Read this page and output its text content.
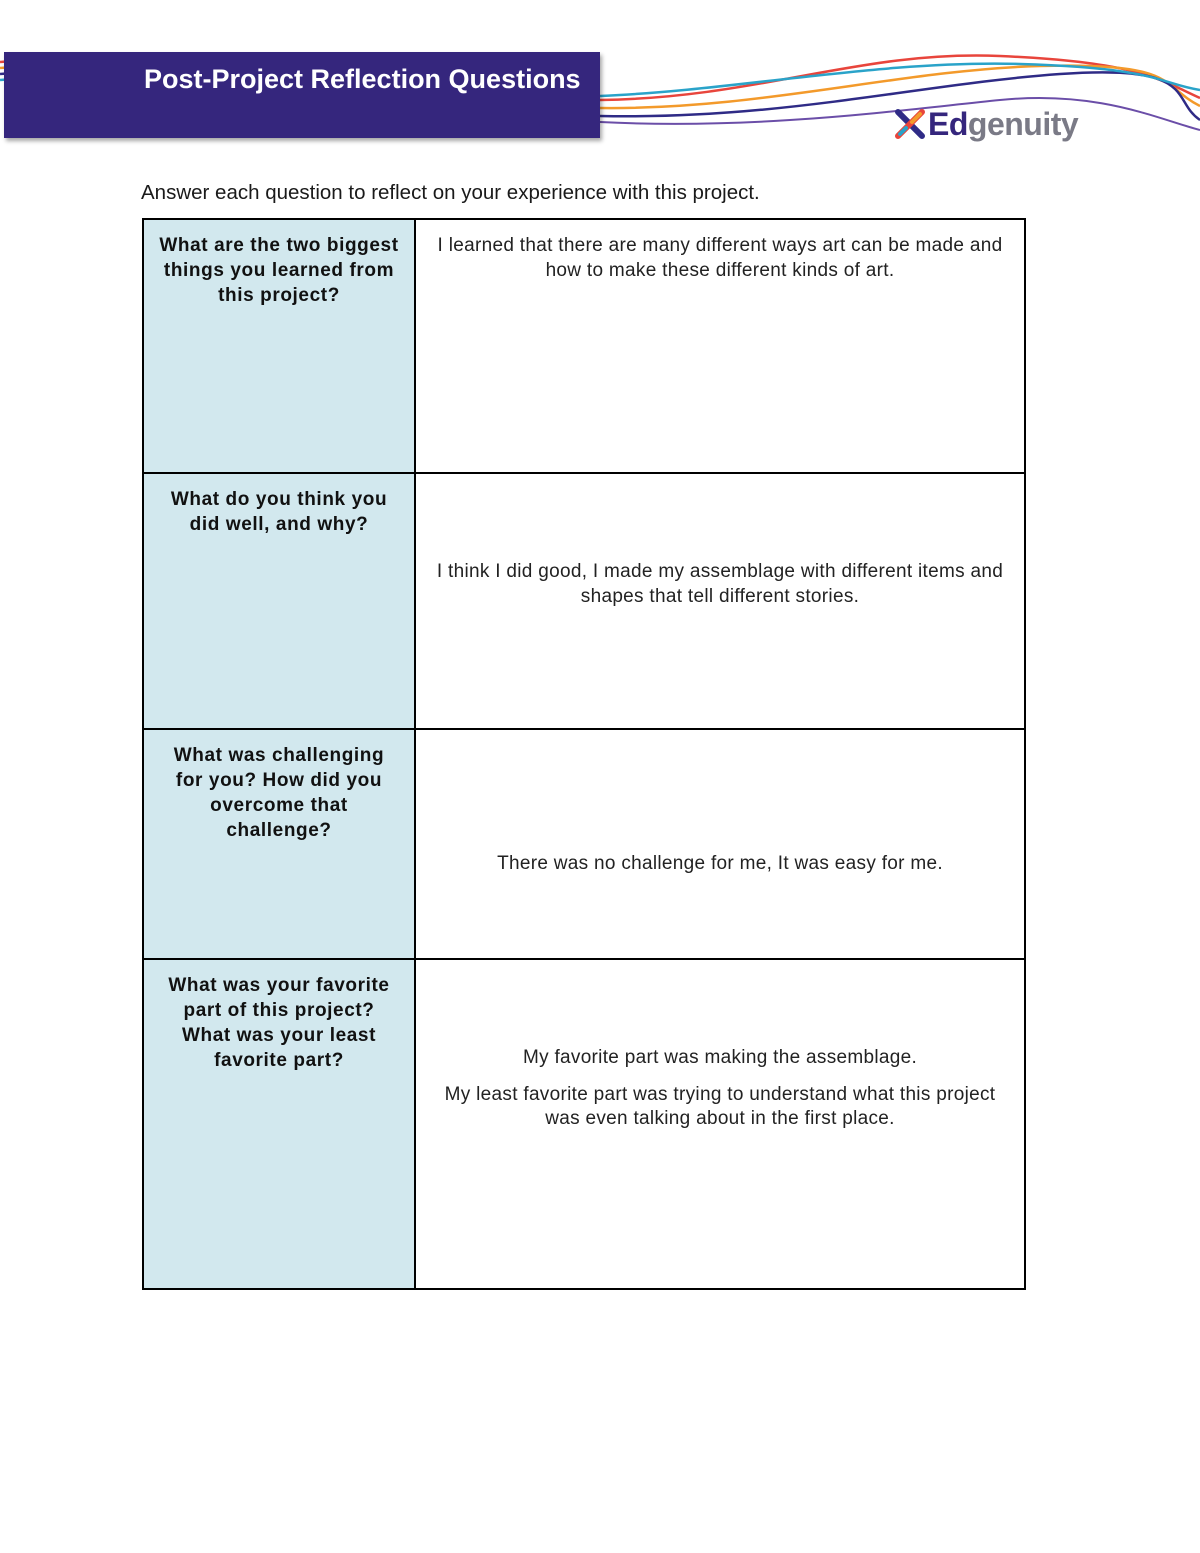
Post-Project Reflection Questions
Edgenuity
Answer each question to reflect on your experience with this project.
What are the two biggest things you learned from this project?	I learned that there are many different ways art can be made and how to make these different kinds of art.

What do you think you did well, and why?	I think I did good, I made my assemblage with different items and shapes that tell different stories.

What was challenging for you? How did you overcome that challenge?	There was no challenge for me, It was easy for me.

What was your favorite part of this project? What was your least favorite part?	My favorite part was making the assemblage.

My least favorite part was trying to understand what this project was even talking about in the first place.
